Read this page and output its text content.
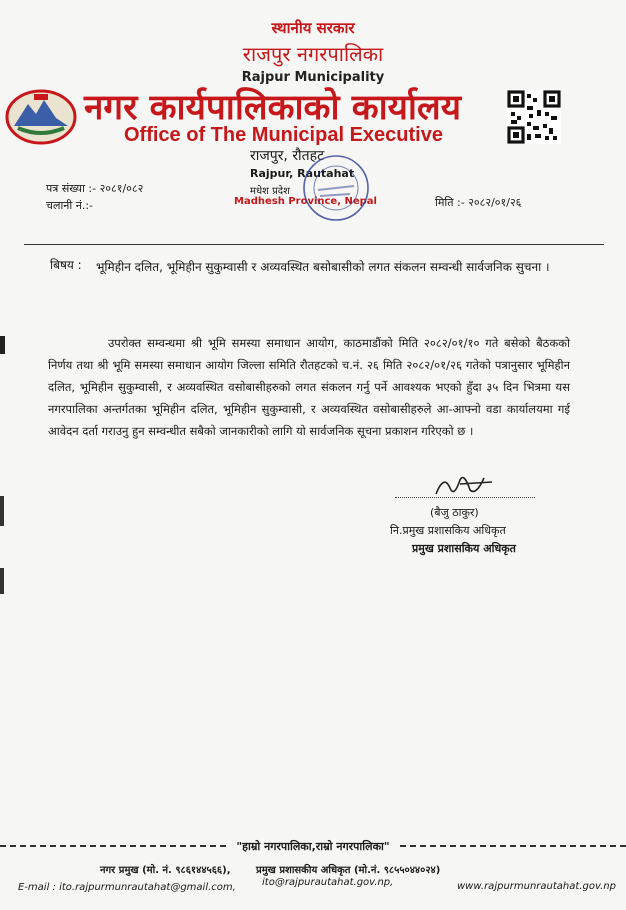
स्थानीय सरकार
राजपुर नगरपालिका
Rajpur Municipality
नगर कार्यपालिकाको कार्यालय
Office of The Municipal Executive
राजपुर, रौतहट
Rajpur, Rautahat
मधेश प्रदेश
Madhesh Province, Nepal
पत्र संख्या :- २०८१/०८२
चलानी नं.:-	मिति :- २०८२/०१/२६
बिषय : भूमिहीन दलित, भूमिहीन सुकुम्वासी र अव्यवस्थित बसोबासीको लगत संकलन सम्वन्धी सार्वजनिक सुचना ।
उपरोक्त सम्वन्धमा श्री भूमि समस्या समाधान आयोग, काठमाडौंको मिति २०८२/०१/१० गते बसेको बैठकको निर्णय तथा श्री भूमि समस्या समाधान आयोग जिल्ला समिति रौतहटको च.नं. २६ मिति २०८२/०१/२६ गतेको पत्रानुसार भूमिहीन दलित, भूमिहीन सुकुम्वासी, र अव्यवस्थित वसोबासीहरुको लगत संकलन गर्नु पर्ने आवश्यक भएको हुँदा ३५ दिन भित्रमा यस नगरपालिका अन्तर्गतका भूमिहीन दलित, भूमिहीन सुकुम्वासी, र अव्यवस्थित वसोबासीहरुले आ-आफ्नो वडा कार्यालयमा गई आवेदन दर्ता गराउनु हुन सम्वन्धीत सबैको जानकारीको लागि यो सार्वजनिक सूचना प्रकाशन गरिएको छ ।
(बैजु ठाकुर)
नि.प्रमुख प्रशासकिय अधिकृत
प्रमुख प्रशासकिय अधिकृत
"हाम्रो नगरपालिका,राम्रो नगरपालिका"
नगर प्रमुख (मो. नं. ९८६१४४५६६),	प्रमुख प्रशासकीय अधिकृत (मो.नं. ९८५५०४४०२४)
E-mail : ito.rajpurmunrautahat@gmail.com,	ito@rajpurautahat.gov.np,	www.rajpurmunrautahat.gov.np
